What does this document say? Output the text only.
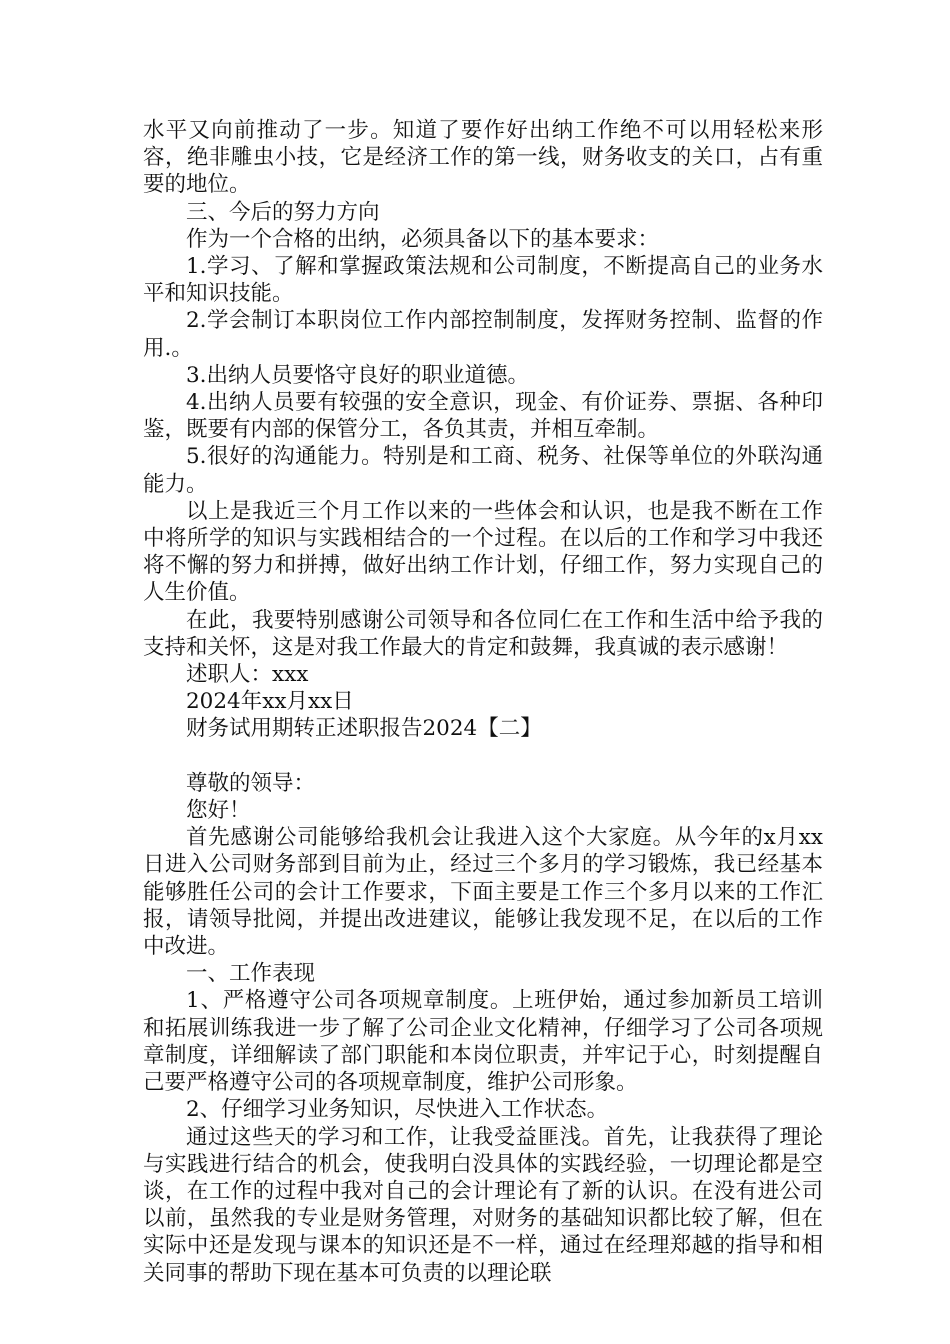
水平又向前推动了一步。知道了要作好出纳工作绝不可以用轻松来形容，绝非雕虫小技，它是经济工作的第一线，财务收支的关口，占有重要的地位。

三、今后的努力方向

作为一个合格的出纳，必须具备以下的基本要求：

1.学习、了解和掌握政策法规和公司制度，不断提高自己的业务水平和知识技能。

2.学会制订本职岗位工作内部控制制度，发挥财务控制、监督的作用.。

3.出纳人员要恪守良好的职业道德。

4.出纳人员要有较强的安全意识，现金、有价证券、票据、各种印鉴，既要有内部的保管分工，各负其责，并相互牵制。

5.很好的沟通能力。特别是和工商、税务、社保等单位的外联沟通能力。

以上是我近三个月工作以来的一些体会和认识，也是我不断在工作中将所学的知识与实践相结合的一个过程。在以后的工作和学习中我还将不懈的努力和拼搏，做好出纳工作计划，仔细工作，努力实现自己的人生价值。

在此，我要特别感谢公司领导和各位同仁在工作和生活中给予我的支持和关怀，这是对我工作最大的肯定和鼓舞，我真诚的表示感谢！

述职人：xxx

2024年xx月xx日

财务试用期转正述职报告2024【二】

尊敬的领导：

您好！

首先感谢公司能够给我机会让我进入这个大家庭。从今年的x月xx日进入公司财务部到目前为止，经过三个多月的学习锻炼，我已经基本能够胜任公司的会计工作要求，下面主要是工作三个多月以来的工作汇报，请领导批阅，并提出改进建议，能够让我发现不足，在以后的工作中改进。

一、工作表现

1、严格遵守公司各项规章制度。上班伊始，通过参加新员工培训和拓展训练我进一步了解了公司企业文化精神，仔细学习了公司各项规章制度，详细解读了部门职能和本岗位职责，并牢记于心，时刻提醒自己要严格遵守公司的各项规章制度，维护公司形象。

2、仔细学习业务知识，尽快进入工作状态。

通过这些天的学习和工作，让我受益匪浅。首先，让我获得了理论与实践进行结合的机会，使我明白没具体的实践经验，一切理论都是空谈，在工作的过程中我对自己的会计理论有了新的认识。在没有进公司以前，虽然我的专业是财务管理，对财务的基础知识都比较了解，但在实际中还是发现与课本的知识还是不一样，通过在经理郑越的指导和相关同事的帮助下现在基本可负责的以理论联
